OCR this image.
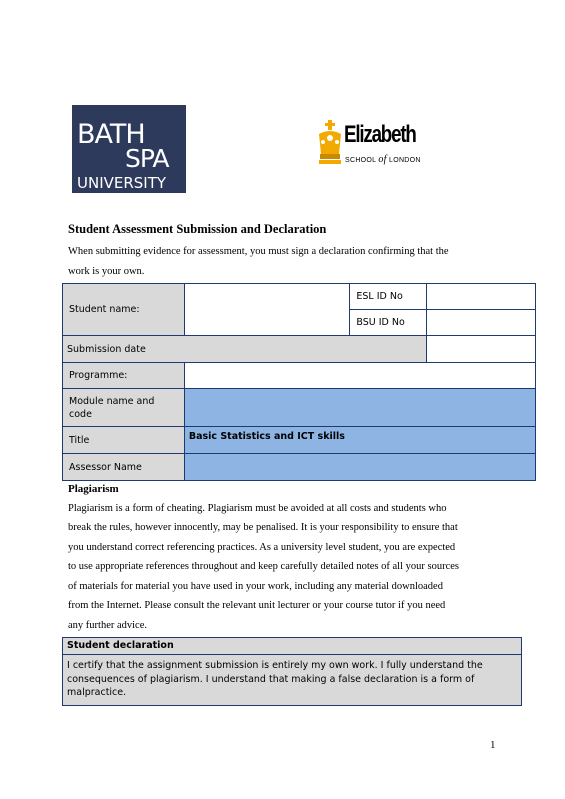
BATH
SPA
UNIVERSITY
Elizabeth
SCHOOL of LONDON
Student Assessment Submission and Declaration
When submitting evidence for assessment, you must sign a declaration confirming that the
work is your own.
Student name:		ESL ID No	
		BSU ID No	
Submission date			
Programme:			

Module name and
code			

Title	Basic Statistics and ICT skills		
Assessor Name			
Plagiarism
Plagiarism is a form of cheating. Plagiarism must be avoided at all costs and students who
break the rules, however innocently, may be penalised. It is your responsibility to ensure that
you understand correct referencing practices. As a university level student, you are expected
to use appropriate references throughout and keep carefully detailed notes of all your sources
of materials for material you have used in your work, including any material downloaded
from the Internet. Please consult the relevant unit lecturer or your course tutor if you need
any further advice.
Student declaration
I certify that the assignment submission is entirely my own work. I fully understand the consequences of plagiarism. I understand that making a false declaration is a form of malpractice.
1
